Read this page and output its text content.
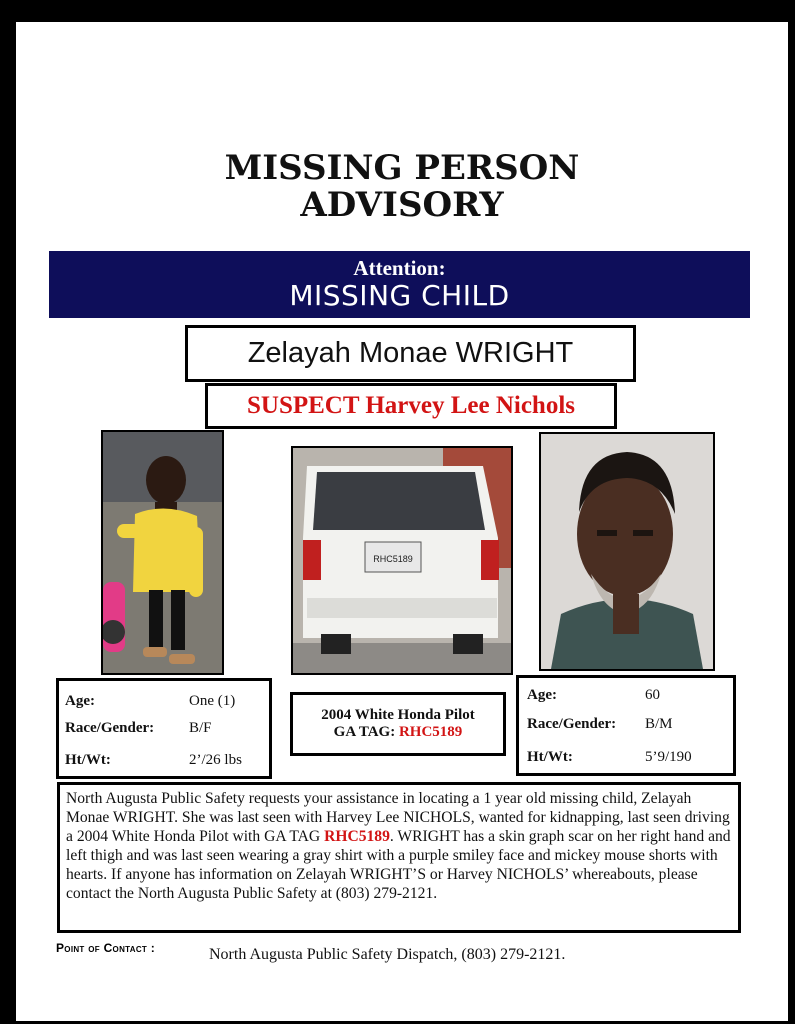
MISSING PERSON
ADVISORY
Attention:
MISSING CHILD
Zelayah Monae WRIGHT
SUSPECT Harvey Lee Nichols
RHC5189
Age:	One (1)
Race/Gender: B/F
Ht/Wt:	2’/26 lbs
2004 White Honda Pilot
GA TAG: RHC5189
Age:	60
Race/Gender: B/M
Ht/Wt:	5’9/190
North Augusta Public Safety requests your assistance in locating a 1 year old missing child, Zelayah Monae WRIGHT. She was last seen with Harvey Lee NICHOLS, wanted for kidnapping, last seen driving a 2004 White Honda Pilot with GA TAG RHC5189. WRIGHT has a skin graph scar on her right hand and left thigh and was last seen wearing a gray shirt with a purple smiley face and mickey mouse shorts with hearts. If anyone has information on Zelayah WRIGHT’S or Harvey NICHOLS’ whereabouts, please contact the North Augusta Public Safety at (803) 279-2121.
Point of Contact :	North Augusta Public Safety Dispatch, (803) 279-2121.
